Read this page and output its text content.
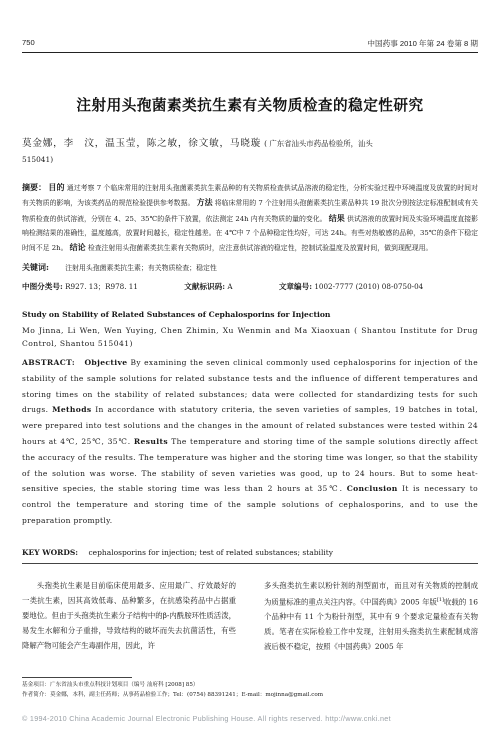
750	中国药事 2010 年第 24 卷第 8 期
注射用头孢菌素类抗生素有关物质检查的稳定性研究
莫金娜，李　汶，温玉莹，陈之敏，徐文敏，马晓璇 ( 广东省汕头市药品检验所，汕头
515041)
摘要： 目的 通过考察 7 个临床常用的注射用头孢菌素类抗生素品种的有关物质检查供试品溶液的稳定性，分析实验过程中环境温度及放置的时间对有关物质的影响，为该类药品的规范检验提供参考数据。 方法 将临床常用的 7 个注射用头孢菌素类抗生素品种共 19 批次分别按法定标准配制成有关物质检查的供试溶液，分别在 4、25、35℃的条件下放置，依法测定 24h 内有关物质的量的变化。 结果 供试溶液的放置时间及实验环境温度直接影响检测结果的准确性，温度越高，放置时间越长，稳定性越差。在 4℃中 7 个品种稳定性均好，可达 24h。有些对热敏感的品种，35℃的条件下稳定时间不足 2h。 结论 检查注射用头孢菌素类抗生素有关物质时，应注意供试溶液的稳定性，控制试验温度及放置时间，做到现配现用。
关键词: 注射用头孢菌素类抗生素；有关物质检查；稳定性
中图分类号: R927. 13；R978. 11	文献标识码: A	文章编号: 1002-7777 (2010) 08-0750-04
Study on Stability of Related Substances of Cephalosporins for Injection
Mo Jinna, Li Wen, Wen Yuying, Chen Zhimin, Xu Wenmin and Ma Xiaoxuan ( Shantou Institute for Drug Control, Shantou 515041)
ABSTRACT: Objective By examining the seven clinical commonly used cephalosporins for injection of the stability of the sample solutions for related substance tests and the influence of different temperatures and storing times on the stability of related substances; data were collected for standardizing tests for such drugs. Methods In accordance with statutory criteria, the seven varieties of samples, 19 batches in total, were prepared into test solutions and the changes in the amount of related substances were tested within 24 hours at 4℃, 25℃, 35℃. Results The temperature and storing time of the sample solutions directly affect the accuracy of the results. The temperature was higher and the storing time was longer, so that the stability of the solution was worse. The stability of seven varieties was good, up to 24 hours. But to some heat-sensitive species, the stable storing time was less than 2 hours at 35℃. Conclusion It is necessary to control the temperature and storing time of the sample solutions of cephalosporins, and to use the preparation promptly.
KEY WORDS: cephalosporins for injection; test of related substances; stability
头孢类抗生素是目前临床使用最多、应用最广、疗效最好的一类抗生素，因其高效低毒、品种繁多，在抗感染药品中占据重要地位。但由于头孢类抗生素分子结构中的β-内酰胺环性质活泼，易发生水解和分子重排，导致结构的破坏而失去抗菌活性，有些降解产物可能会产生毒副作用，因此，许
多头孢类抗生素以粉针剂的剂型面市，而且对有关物质的控制成为质量标准的重点关注内容。《中国药典》2005 年版[1]收载的 16 个品种中有 11 个为粉针剂型，其中有 9 个要求定量检查有关物质。笔者在实际检验工作中发现，注射用头孢类抗生素配制成溶液后极不稳定，按照《中国药典》2005 年
基金项目：广东省汕头市重点科技计划项目（编号 汕府科 [2008] 85）
作者简介：莫金娜，本科，副主任药师；从事药品检验工作；Tel：(0754) 88391241；E-mail：mojinna@gmail.com
© 1994-2010 China Academic Journal Electronic Publishing House. All rights reserved. http://www.cnki.net
